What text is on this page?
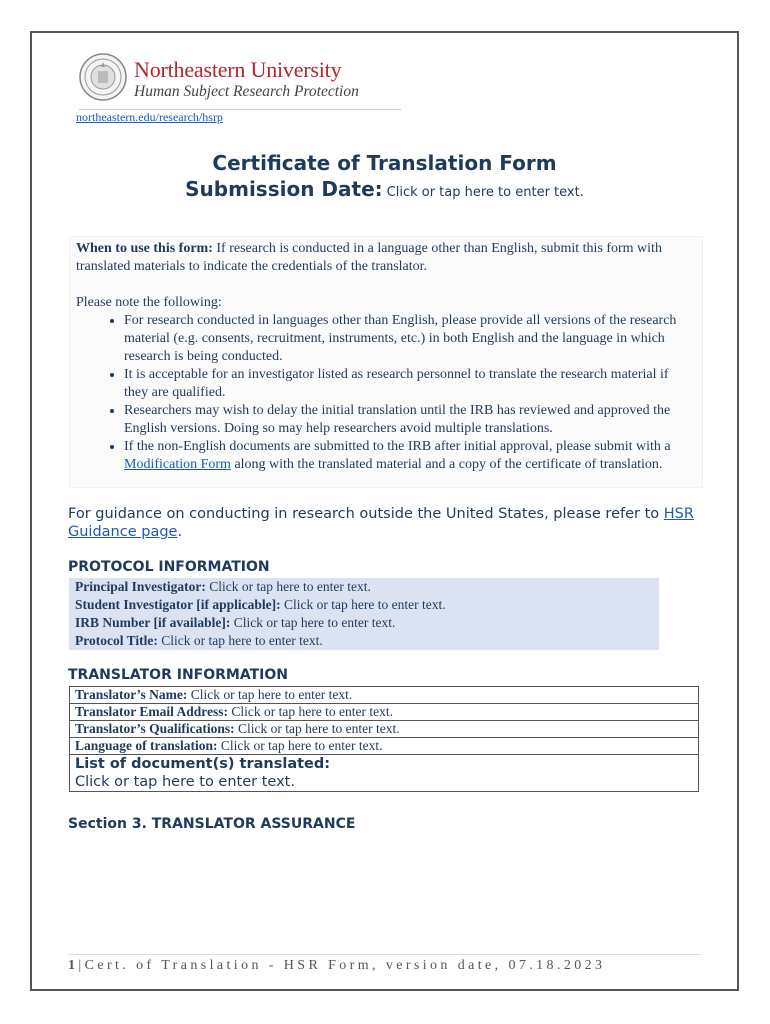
Northeastern University
Human Subject Research Protection
northeastern.edu/research/hsrp
Certificate of Translation Form
Submission Date: Click or tap here to enter text.

When to use this form: If research is conducted in a language other than English, submit this form with translated materials to indicate the credentials of the translator.

Please note the following:

• For research conducted in languages other than English, please provide all versions of the research material (e.g. consents, recruitment, instruments, etc.) in both English and the language in which research is being conducted.
• It is acceptable for an investigator listed as research personnel to translate the research material if they are qualified.
• Researchers may wish to delay the initial translation until the IRB has reviewed and approved the English versions. Doing so may help researchers avoid multiple translations.
• If the non-English documents are submitted to the IRB after initial approval, please submit with a Modification Form along with the translated material and a copy of the certificate of translation.
For guidance on conducting in research outside the United States, please refer to HSR Guidance page.
PROTOCOL INFORMATION
Principal Investigator: Click or tap here to enter text.
Student Investigator [if applicable]: Click or tap here to enter text.
IRB Number [if available]: Click or tap here to enter text.
Protocol Title: Click or tap here to enter text.
TRANSLATOR INFORMATION
Translator’s Name: Click or tap here to enter text.
Translator Email Address: Click or tap here to enter text.
Translator’s Qualifications: Click or tap here to enter text.
Language of translation: Click or tap here to enter text.
List of document(s) translated:
Click or tap here to enter text.
Section 3. TRANSLATOR ASSURANCE
1|Cert. of Translation - HSR Form, version date, 07.18.2023
